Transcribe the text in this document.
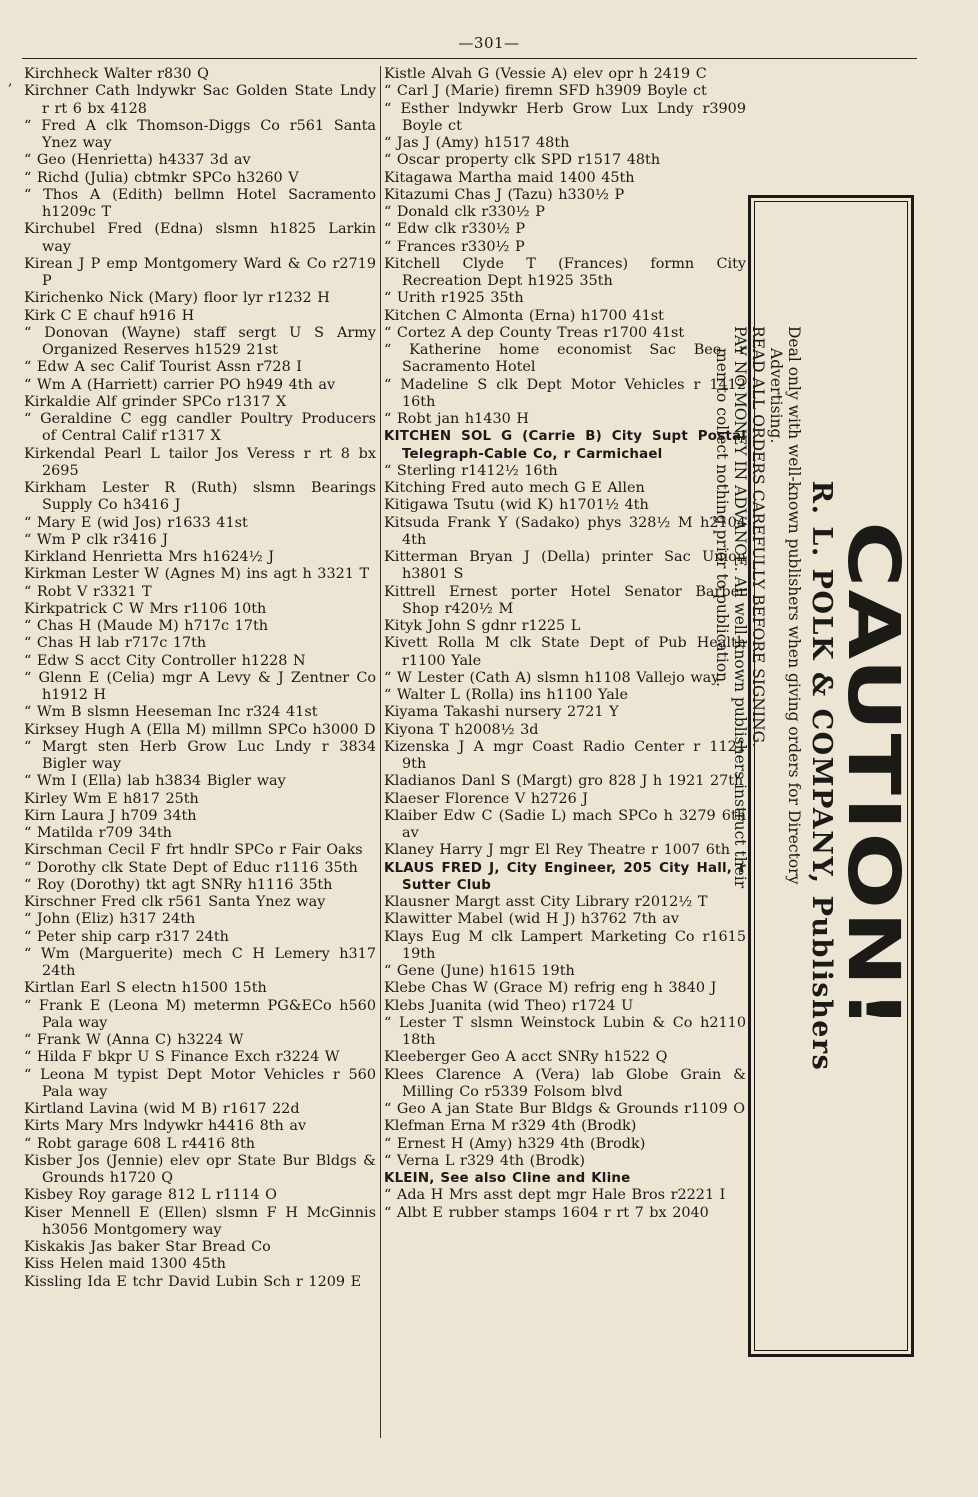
—301—
, Kirchheck Walter r830 Q
Kirchner Cath lndywkr Sac Golden State Lndy r rt 6 bx 4128
“ Fred A clk Thomson-Diggs Co r561 Santa Ynez way
“ Geo (Henrietta) h4337 3d av
“ Richd (Julia) cbtmkr SPCo h3260 V
“ Thos A (Edith) bellmn Hotel Sacramento h1209c T
Kirchubel Fred (Edna) slsmn h1825 Larkin way
Kirean J P emp Montgomery Ward & Co r2719 P
Kirichenko Nick (Mary) floor lyr r1232 H
Kirk C E chauf h916 H
“ Donovan (Wayne) staff sergt U S Army Organized Reserves h1529 21st
“ Edw A sec Calif Tourist Assn r728 I
“ Wm A (Harriett) carrier PO h949 4th av
Kirkaldie Alf grinder SPCo r1317 X
“ Geraldine C egg candler Poultry Producers of Central Calif r1317 X
Kirkendal Pearl L tailor Jos Veress r rt 8 bx 2695
Kirkham Lester R (Ruth) slsmn Bearings Supply Co h3416 J
“ Mary E (wid Jos) r1633 41st
“ Wm P clk r3416 J
Kirkland Henrietta Mrs h1624½ J
Kirkman Lester W (Agnes M) ins agt h 3321 T
“ Robt V r3321 T
Kirkpatrick C W Mrs r1106 10th
“ Chas H (Maude M) h717c 17th
“ Chas H lab r717c 17th
“ Edw S acct City Controller h1228 N
“ Glenn E (Celia) mgr A Levy & J Zentner Co h1912 H
“ Wm B slsmn Heeseman Inc r324 41st
Kirksey Hugh A (Ella M) millmn SPCo h3000 D
“ Margt sten Herb Grow Luc Lndy r 3834 Bigler way
“ Wm I (Ella) lab h3834 Bigler way
Kirley Wm E h817 25th
Kirn Laura J h709 34th
“ Matilda r709 34th
Kirschman Cecil F frt hndlr SPCo r Fair Oaks
“ Dorothy clk State Dept of Educ r1116 35th
“ Roy (Dorothy) tkt agt SNRy h1116 35th
Kirschner Fred clk r561 Santa Ynez way
“ John (Eliz) h317 24th
“ Peter ship carp r317 24th
“ Wm (Marguerite) mech C H Lemery h317 24th
Kirtlan Earl S electn h1500 15th
“ Frank E (Leona M) metermn PG&ECo h560 Pala way
“ Frank W (Anna C) h3224 W
“ Hilda F bkpr U S Finance Exch r3224 W
“ Leona M typist Dept Motor Vehicles r 560 Pala way
Kirtland Lavina (wid M B) r1617 22d
Kirts Mary Mrs lndywkr h4416 8th av
“ Robt garage 608 L r4416 8th
Kisber Jos (Jennie) elev opr State Bur Bldgs & Grounds h1720 Q
Kisbey Roy garage 812 L r1114 O
Kiser Mennell E (Ellen) slsmn F H McGinnis h3056 Montgomery way
Kiskakis Jas baker Star Bread Co
Kiss Helen maid 1300 45th
Kissling Ida E tchr David Lubin Sch r 1209 E
Kistle Alvah G (Vessie A) elev opr h 2419 C
“ Carl J (Marie) firemn SFD h3909 Boyle ct
“ Esther lndywkr Herb Grow Lux Lndy r3909 Boyle ct
“ Jas J (Amy) h1517 48th
“ Oscar property clk SPD r1517 48th
Kitagawa Martha maid 1400 45th
Kitazumi Chas J (Tazu) h330½ P
“ Donald clk r330½ P
“ Edw clk r330½ P
“ Frances r330½ P
Kitchell Clyde T (Frances) formn City Recreation Dept h1925 35th
“ Urith r1925 35th
Kitchen C Almonta (Erna) h1700 41st
“ Cortez A dep County Treas r1700 41st
“ Katherine home economist Sac Bee r Sacramento Hotel
“ Madeline S clk Dept Motor Vehicles r 1412 16th
“ Robt jan h1430 H
KITCHEN SOL G (Carrie B) City Supt Postal Telegraph-Cable Co, r Carmichael
“ Sterling r1412½ 16th
Kitching Fred auto mech G E Allen
Kitigawa Tsutu (wid K) h1701½ 4th
Kitsuda Frank Y (Sadako) phys 328½ M h2104 4th
Kitterman Bryan J (Della) printer Sac Union h3801 S
Kittrell Ernest porter Hotel Senator Barber Shop r420½ M
Kityk John S gdnr r1225 L
Kivett Rolla M clk State Dept of Pub Health r1100 Yale
“ W Lester (Cath A) slsmn h1108 Vallejo way
“ Walter L (Rolla) ins h1100 Yale
Kiyama Takashi nursery 2721 Y
Kiyona T h2008½ 3d
Kizenska J A mgr Coast Radio Center r 1121 9th
Kladianos Danl S (Margt) gro 828 J h 1921 27th
Klaeser Florence V h2726 J
Klaiber Edw C (Sadie L) mach SPCo h 3279 6th av
Klaney Harry J mgr El Rey Theatre r 1007 6th
KLAUS FRED J, City Engineer, 205 City Hall, r Sutter Club
Klausner Margt asst City Library r2012½ T
Klawitter Mabel (wid H J) h3762 7th av
Klays Eug M clk Lampert Marketing Co r1615 19th
“ Gene (June) h1615 19th
Klebe Chas W (Grace M) refrig eng h 3840 J
Klebs Juanita (wid Theo) r1724 U
“ Lester T slsmn Weinstock Lubin & Co h2110 18th
Kleeberger Geo A acct SNRy h1522 Q
Klees Clarence A (Vera) lab Globe Grain & Milling Co r5339 Folsom blvd
“ Geo A jan State Bur Bldgs & Grounds r1109 O
Klefman Erna M r329 4th (Brodk)
“ Ernest H (Amy) h329 4th (Brodk)
“ Verna L r329 4th (Brodk)
KLEIN, See also Cline and Kline
“ Ada H Mrs asst dept mgr Hale Bros r2221 I
“ Albt E rubber stamps 1604 r rt 7 bx 2040
CAUTION!
R. L. POLK & COMPANY, Publishers
Deal only with well-known publishers when giving orders for Directory
Advertising.
READ ALL ORDERS CAREFULLY BEFORE SIGNING.
PAY NO MONEY IN ADVANCE. All well-known publishers instruct their
men to collect nothing prior to publication.
